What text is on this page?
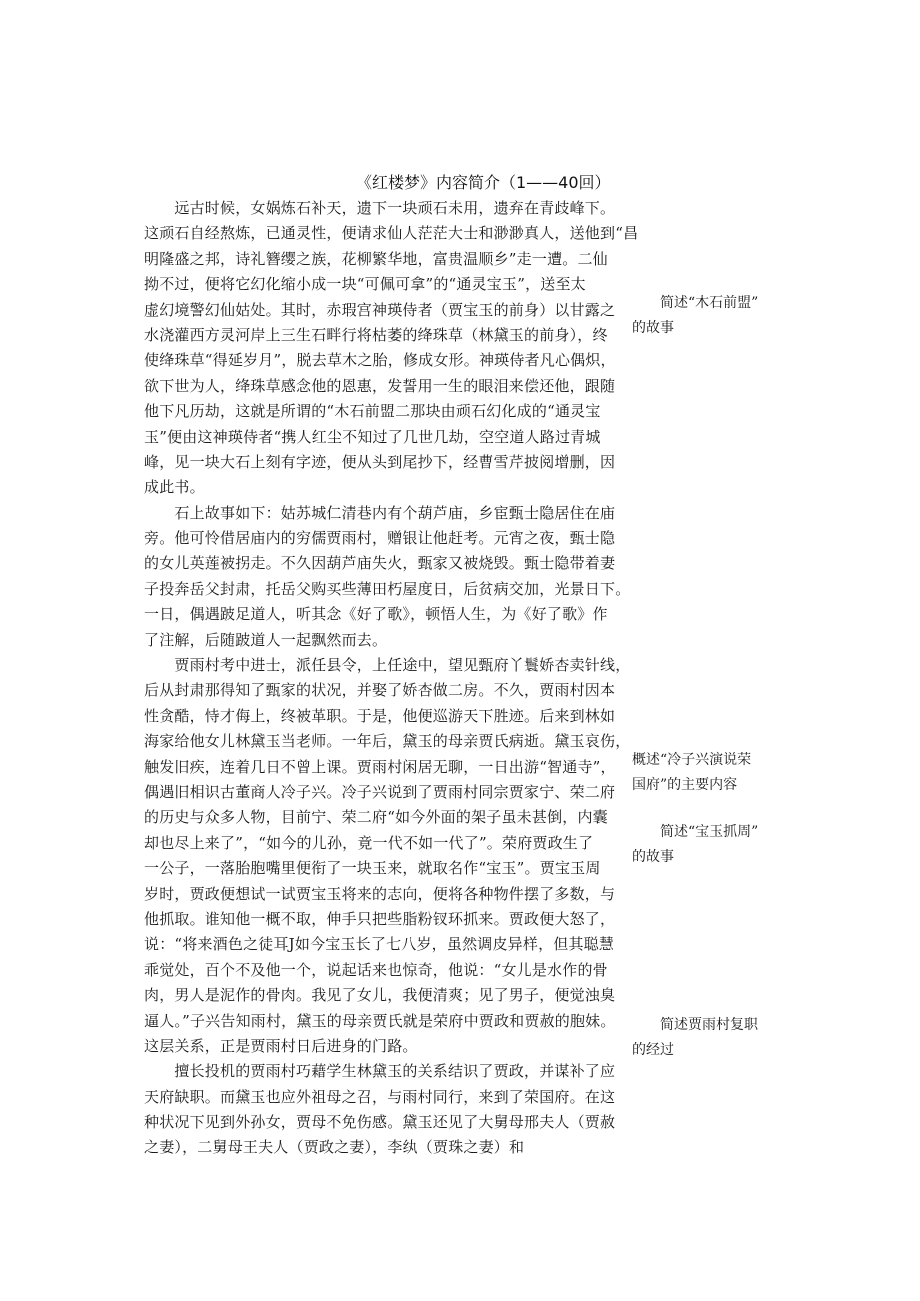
《红楼梦》内容简介（1——40回）
　　远古时候，女娲炼石补天，遗下一块顽石未用，遗弃在青歧峰下。
这顽石自经熬炼，已通灵性，便请求仙人茫茫大士和渺渺真人，送他到“昌
明隆盛之邦，诗礼簪缨之族，花柳繁华地，富贵温顺乡”走一遭。二仙
拗不过，便将它幻化缩小成一块“可佩可拿”的“通灵宝玉”，送至太
虚幻境警幻仙姑处。其时，赤瑕宫神瑛侍者（贾宝玉的前身）以甘露之
水浇灌西方灵河岸上三生石畔行将枯萎的绛珠草（林黛玉的前身），终
使绛珠草“得延岁月”，脱去草木之胎，修成女形。神瑛侍者凡心偶炽，
欲下世为人，绛珠草感念他的恩惠，发誓用一生的眼泪来偿还他，跟随
他下凡历劫，这就是所谓的“木石前盟二那块由顽石幻化成的“通灵宝
玉”便由这神瑛侍者“携人红尘不知过了几世几劫，空空道人路过青城
峰，见一块大石上刻有字迹，便从头到尾抄下，经曹雪芹披阅增删，因
成此书。
　　石上故事如下：姑苏城仁清巷内有个葫芦庙，乡宦甄士隐居住在庙
旁。他可怜借居庙内的穷儒贾雨村，赠银让他赶考。元宵之夜，甄士隐
的女儿英莲被拐走。不久因葫芦庙失火，甄家又被烧毁。甄士隐带着妻
子投奔岳父封肃，托岳父购买些薄田朽屋度日，后贫病交加，光景日下。
一日，偶遇跛足道人，听其念《好了歌》，顿悟人生，为《好了歌》作
了注解，后随跛道人一起飘然而去。
　　贾雨村考中进士，派任县令，上任途中，望见甄府丫鬟娇杏卖针线，
后从封肃那得知了甄家的状况，并娶了娇杏做二房。不久，贾雨村因本
性贪酷，恃才侮上，终被革职。于是，他便巡游天下胜迹。后来到林如
海家给他女儿林黛玉当老师。一年后，黛玉的母亲贾氏病逝。黛玉哀伤，
触发旧疾，连着几日不曾上课。贾雨村闲居无聊，一日出游“智通寺”，
偶遇旧相识古董商人冷子兴。冷子兴说到了贾雨村同宗贾家宁、荣二府
的历史与众多人物，目前宁、荣二府“如今外面的架子虽未甚倒，内囊
却也尽上来了”，“如今的儿孙，竟一代不如一代了”。荣府贾政生了
一公子，一落胎胞嘴里便衔了一块玉来，就取名作“宝玉”。贾宝玉周
岁时，贾政便想试一试贾宝玉将来的志向，便将各种物件摆了多数，与
他抓取。谁知他一概不取，伸手只把些脂粉钗环抓来。贾政便大怒了，
说：“将来酒色之徒耳J如今宝玉长了七八岁，虽然调皮异样，但其聪慧
乖觉处，百个不及他一个，说起话来也惊奇，他说：“女儿是水作的骨
肉，男人是泥作的骨肉。我见了女儿，我便清爽；见了男子，便觉浊臭
逼人。”子兴告知雨村，黛玉的母亲贾氏就是荣府中贾政和贾赦的胞妹。
这层关系，正是贾雨村日后进身的门路。
　　擅长投机的贾雨村巧藉学生林黛玉的关系结识了贾政，并谋补了应
天府缺职。而黛玉也应外祖母之召，与雨村同行，来到了荣国府。在这
种状况下见到外孙女，贾母不免伤感。黛玉还见了大舅母邢夫人（贾赦
之妻），二舅母王夫人（贾政之妻），李纨（贾珠之妻）和
　　简述“木石前盟”
的故事
概述“冷子兴演说荣
国府”的主要内容
　　简述“宝玉抓周”
的故事
　　简述贾雨村复职
的经过
